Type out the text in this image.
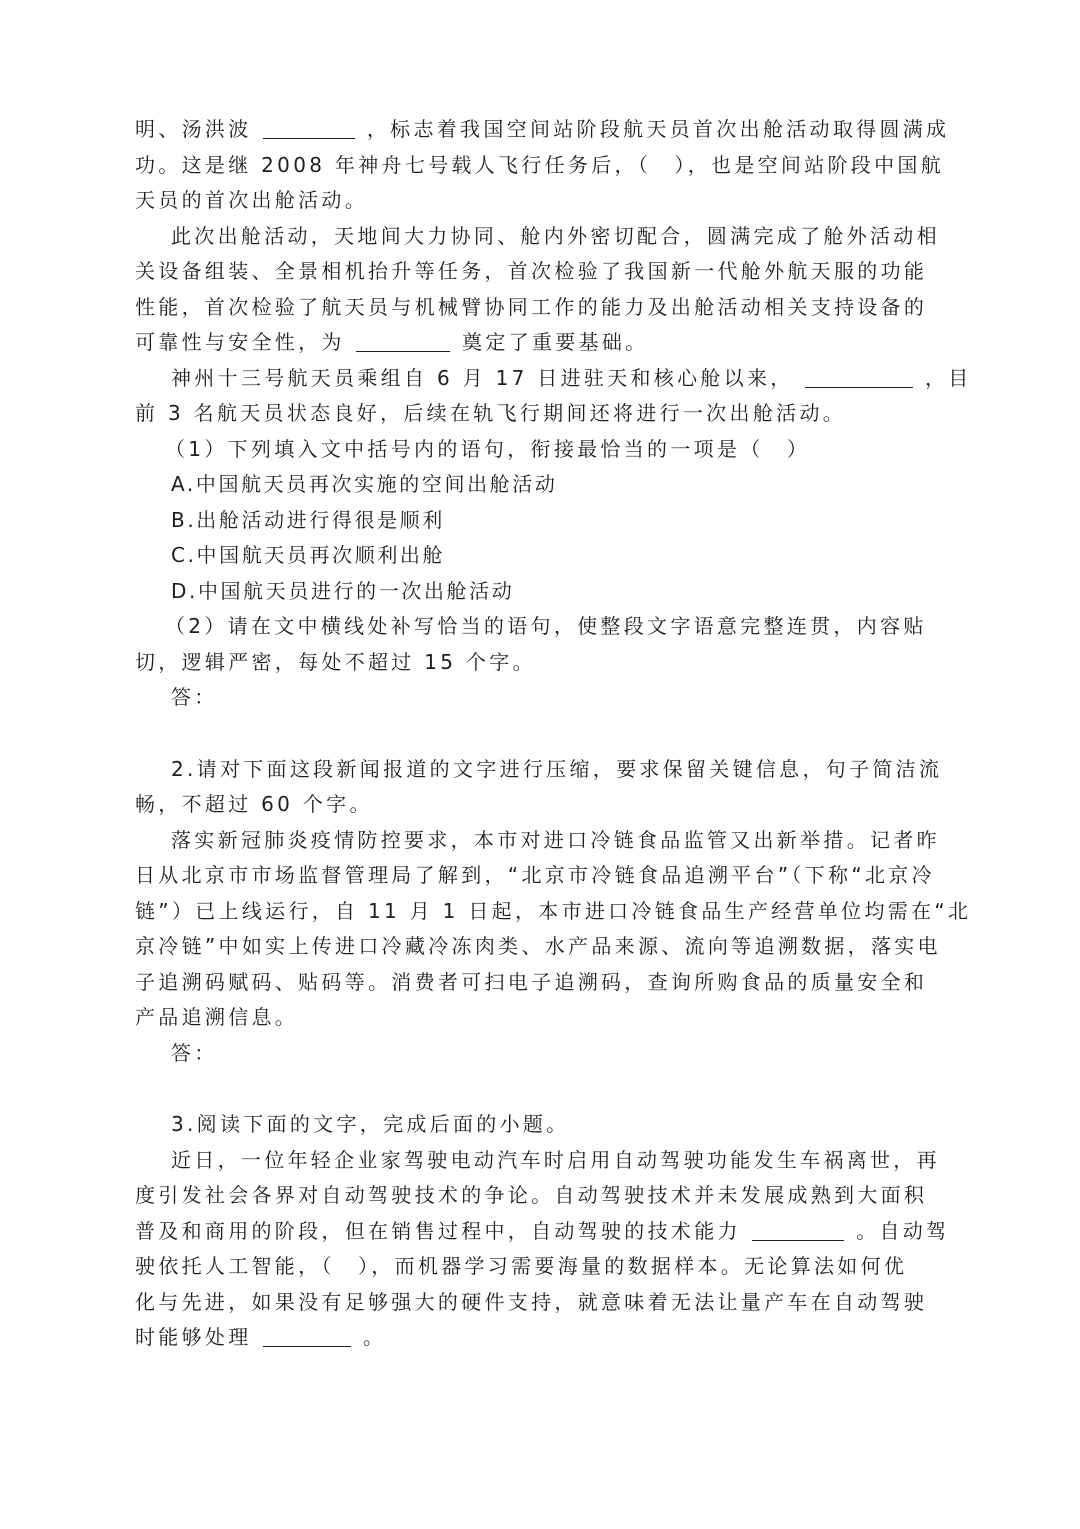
明、汤洪波	，标志着我国空间站阶段航天员首次出舱活动取得圆满成
功。这是继 2008 年神舟七号载人飞行任务后，（　），也是空间站阶段中国航
天员的首次出舱活动。
此次出舱活动，天地间大力协同、舱内外密切配合，圆满完成了舱外活动相
关设备组装、全景相机抬升等任务，首次检验了我国新一代舱外航天服的功能
性能，首次检验了航天员与机械臂协同工作的能力及出舱活动相关支持设备的
可靠性与安全性，为	奠定了重要基础。
神州十三号航天员乘组自 6 月 17 日进驻天和核心舱以来，	，目
前 3 名航天员状态良好，后续在轨飞行期间还将进行一次出舱活动。
（1）下列填入文中括号内的语句，衔接最恰当的一项是（　）
A.中国航天员再次实施的空间出舱活动
B.出舱活动进行得很是顺利
C.中国航天员再次顺利出舱
D.中国航天员进行的一次出舱活动
（2）请在文中横线处补写恰当的语句，使整段文字语意完整连贯，内容贴
切，逻辑严密，每处不超过 15 个字。
答：
2.请对下面这段新闻报道的文字进行压缩，要求保留关键信息，句子简洁流
畅，不超过 60 个字。
落实新冠肺炎疫情防控要求，本市对进口冷链食品监管又出新举措。记者昨
日从北京市市场监督管理局了解到，“北京市冷链食品追溯平台”（下称“北京冷
链”）已上线运行，自 11 月 1 日起，本市进口冷链食品生产经营单位均需在“北
京冷链”中如实上传进口冷藏冷冻肉类、水产品来源、流向等追溯数据，落实电
子追溯码赋码、贴码等。消费者可扫电子追溯码，查询所购食品的质量安全和
产品追溯信息。
答：
3.阅读下面的文字，完成后面的小题。
近日，一位年轻企业家驾驶电动汽车时启用自动驾驶功能发生车祸离世，再
度引发社会各界对自动驾驶技术的争论。自动驾驶技术并未发展成熟到大面积
普及和商用的阶段，但在销售过程中，自动驾驶的技术能力	。自动驾
驶依托人工智能，（　），而机器学习需要海量的数据样本。无论算法如何优
化与先进，如果没有足够强大的硬件支持，就意味着无法让量产车在自动驾驶
时能够处理	。
